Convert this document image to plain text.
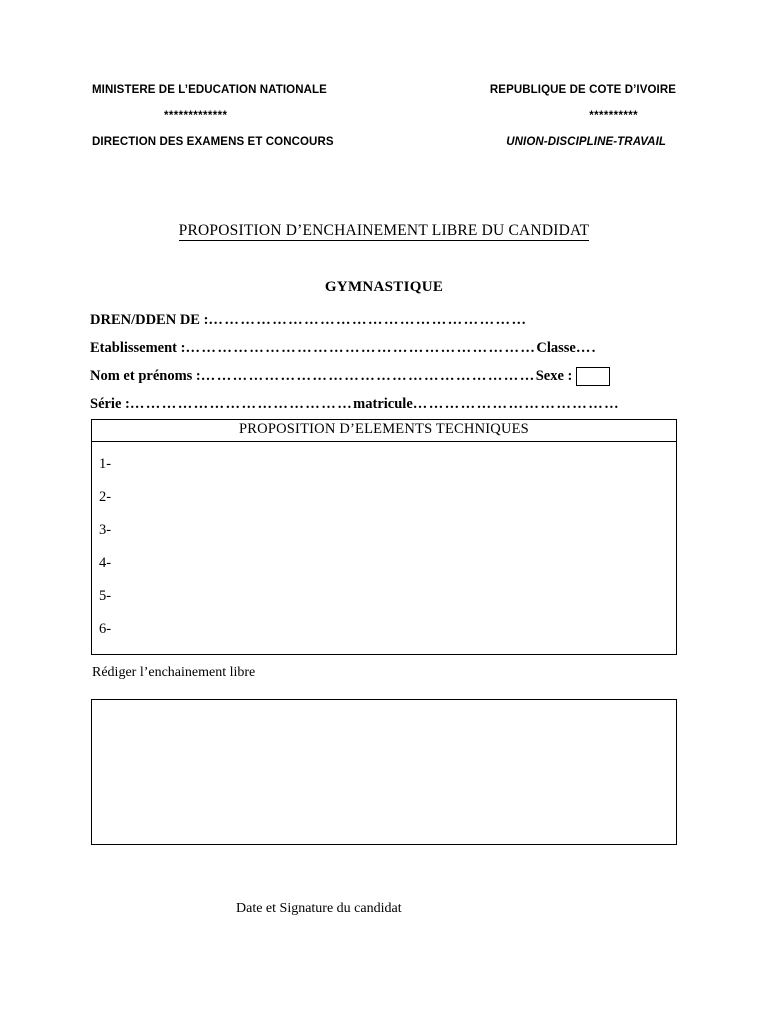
MINISTERE DE L’EDUCATION NATIONALE	REPUBLIQUE DE COTE D’IVOIRE
*************	**********
DIRECTION DES EXAMENS ET CONCOURS	UNION-DISCIPLINE-TRAVAIL
PROPOSITION D’ENCHAINEMENT LIBRE DU CANDIDAT
GYMNASTIQUE
DREN/DDEN DE : ……………………………………………………
Etablissement : ………………………………………………………… Classe ….
Nom et prénoms : ……………………………………………………… Sexe :
Série : …………………………………… matricule …………………………………
PROPOSITION D’ELEMENTS TECHNIQUES
1-
2-
3-
4-
5-
6-
Rédiger l’enchainement libre
Date et Signature du candidat
